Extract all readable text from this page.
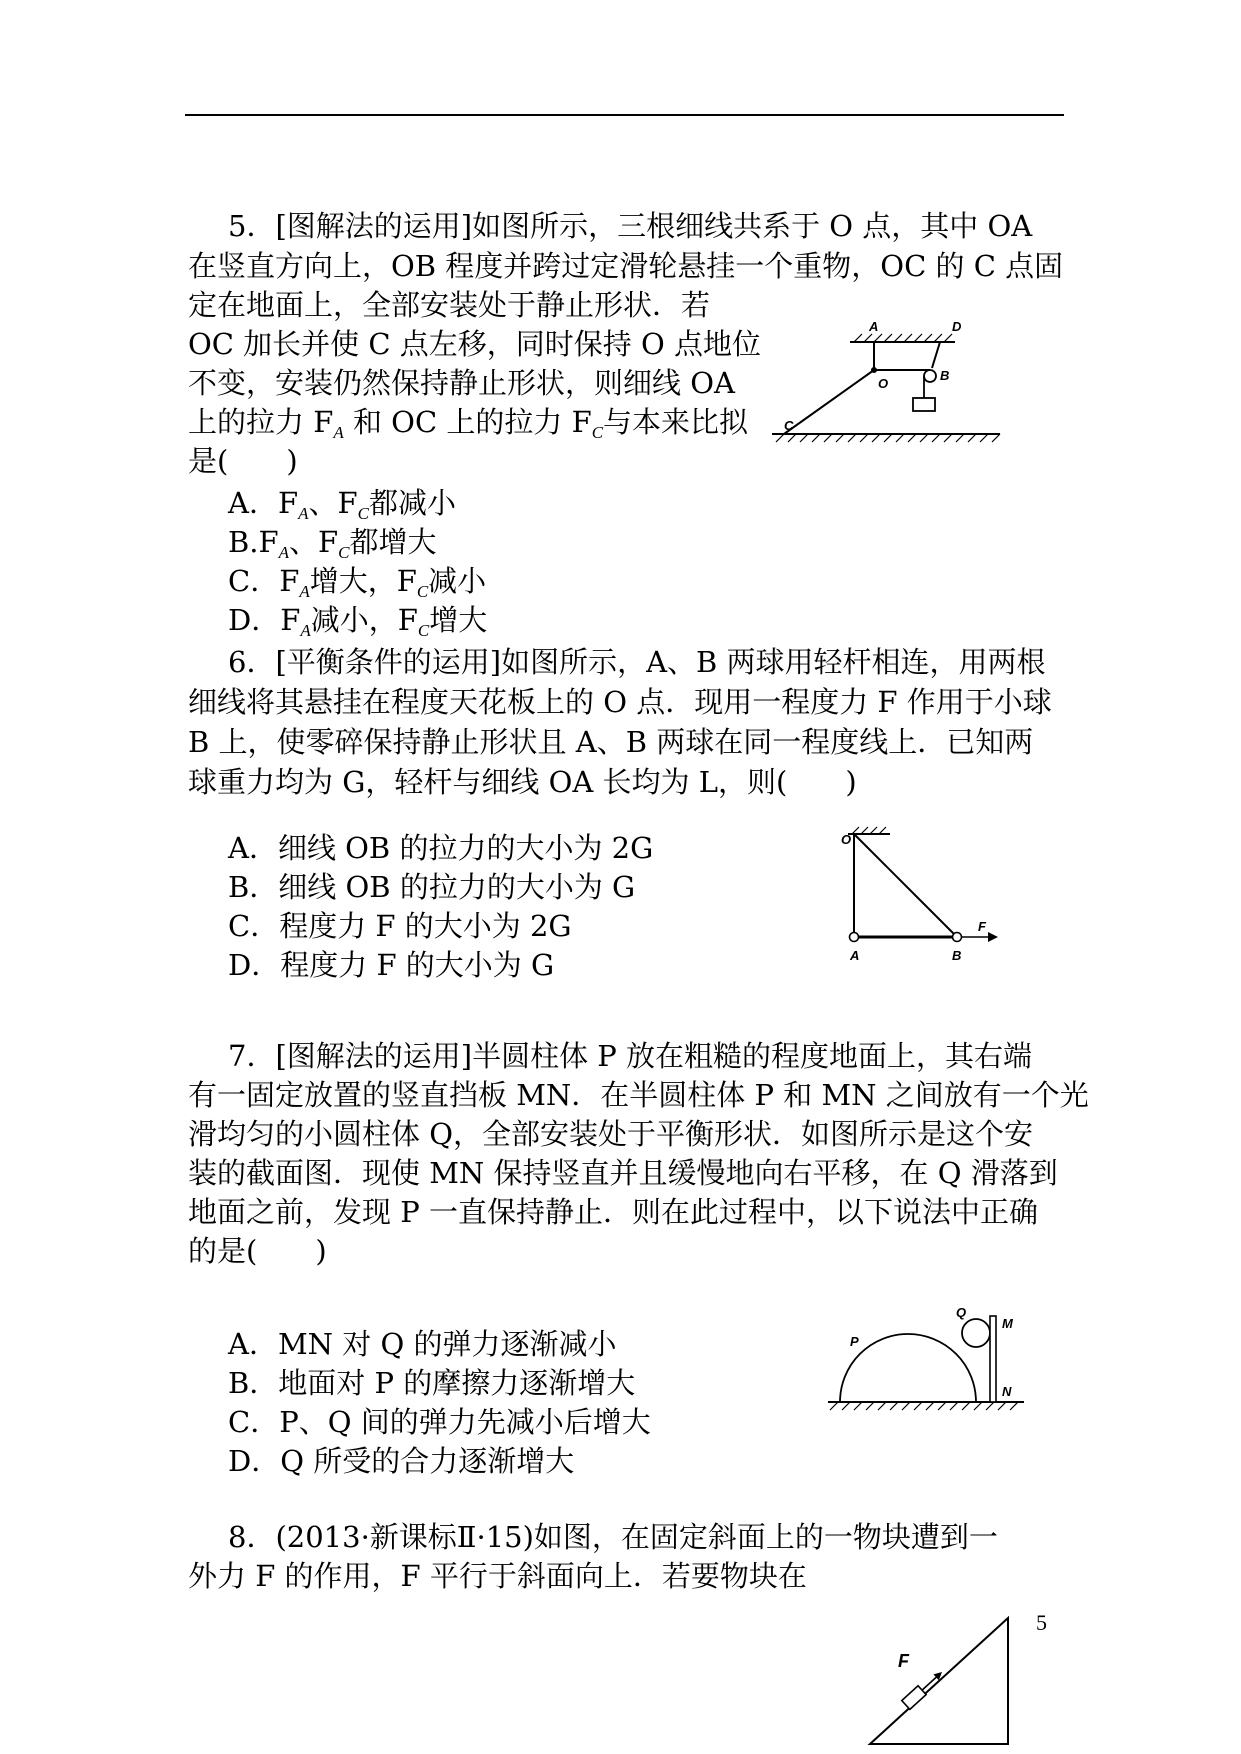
5．[图解法的运用]如图所示，三根细线共系于 O 点，其中 OA
在竖直方向上，OB 程度并跨过定滑轮悬挂一个重物，OC 的 C 点固
定在地面上，全部安装处于静止形状．若
OC 加长并使 C 点左移，同时保持 O 点地位
不变，安装仍然保持静止形状，则细线 OA
上的拉力 $F_A$ 和 OC 上的拉力 $F_C$与本来比拟
是(　　)
A．$F_A$、$F_C$都减小
$B.F_A$、$F_C$都增大
C．$F_A$增大，$F_C$减小
D．$F_A$减小，$F_C$增大
A	D
O
B
C
6．[平衡条件的运用]如图所示，A、B 两球用轻杆相连，用两根
细线将其悬挂在程度天花板上的 O 点．现用一程度力 F 作用于小球
B 上，使零碎保持静止形状且 A、B 两球在同一程度线上．已知两
球重力均为 G，轻杆与细线 OA 长均为 L，则(　　)
A．细线 OB 的拉力的大小为 2G
B．细线 OB 的拉力的大小为 G
C．程度力 F 的大小为 2G
D．程度力 F 的大小为 G
O
F
A	B
7．[图解法的运用]半圆柱体 P 放在粗糙的程度地面上，其右端
有一固定放置的竖直挡板 MN．在半圆柱体 P 和 MN 之间放有一个光
滑均匀的小圆柱体 Q，全部安装处于平衡形状．如图所示是这个安
装的截面图．现使 MN 保持竖直并且缓慢地向右平移，在 Q 滑落到
地面之前，发现 P 一直保持静止．则在此过程中，以下说法中正确
的是(　　)
A．MN 对 Q 的弹力逐渐减小
B．地面对 P 的摩擦力逐渐增大
C．P、Q 间的弹力先减小后增大
D．Q 所受的合力逐渐增大
Q
M
P
N
8．(2013·新课标Ⅱ·15)如图，在固定斜面上的一物块遭到一
外力 F 的作用，F 平行于斜面向上．若要物块在
F
5
